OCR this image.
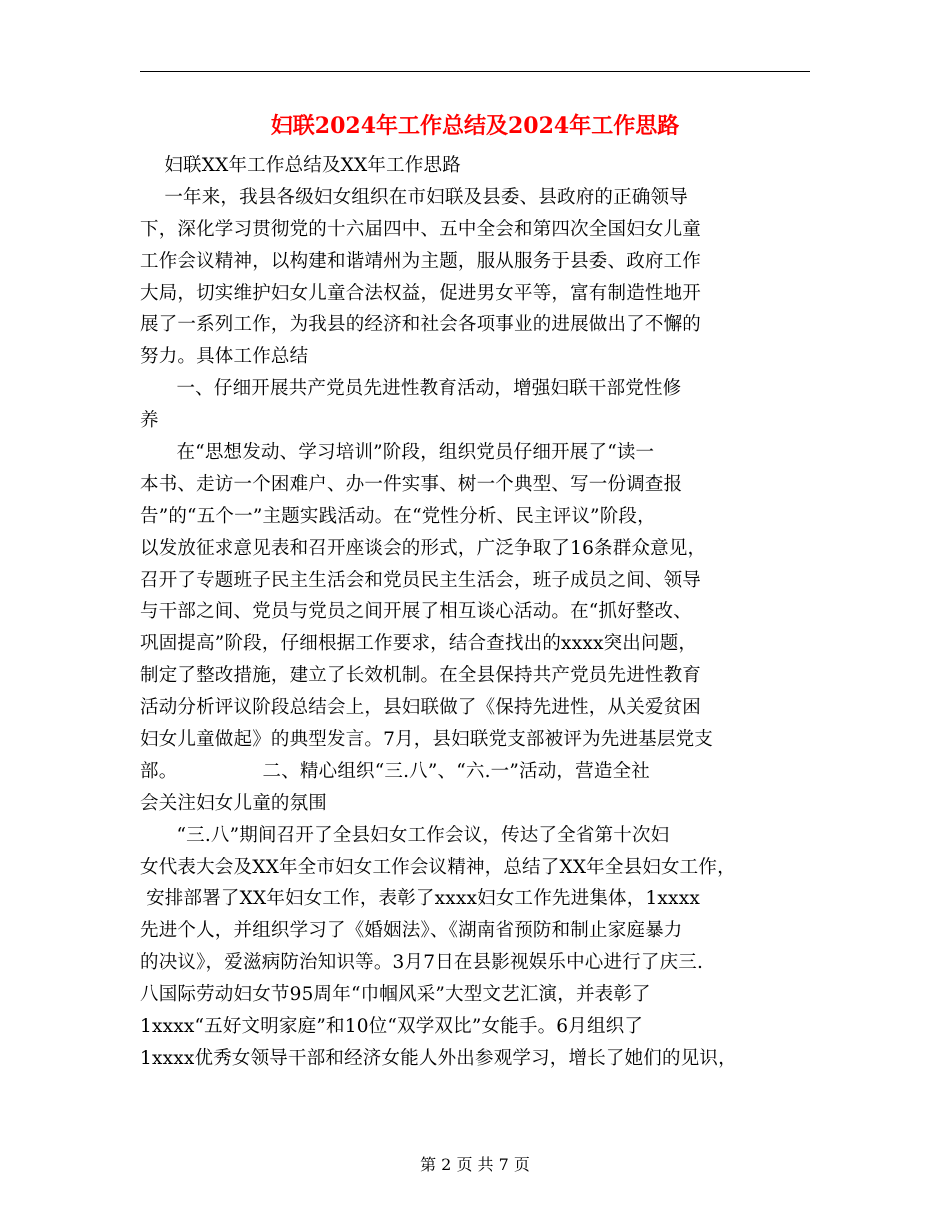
妇联2024年工作总结及2024年工作思路
妇联XX年工作总结及XX年工作思路
一年来，我县各级妇女组织在市妇联及县委、县政府的正确领导
下，深化学习贯彻党的十六届四中、五中全会和第四次全国妇女儿童
工作会议精神，以构建和谐靖州为主题，服从服务于县委、政府工作
大局，切实维护妇女儿童合法权益，促进男女平等，富有制造性地开
展了一系列工作，为我县的经济和社会各项事业的进展做出了不懈的
努力。具体工作总结
一、仔细开展共产党员先进性教育活动，增强妇联干部党性修
养
在“思想发动、学习培训”阶段，组织党员仔细开展了“读一
本书、走访一个困难户、办一件实事、树一个典型、写一份调查报
告”的“五个一”主题实践活动。在“党性分析、民主评议”阶段，
以发放征求意见表和召开座谈会的形式，广泛争取了16条群众意见，
召开了专题班子民主生活会和党员民主生活会，班子成员之间、领导
与干部之间、党员与党员之间开展了相互谈心活动。在“抓好整改、
巩固提高”阶段，仔细根据工作要求，结合查找出的xxxx突出问题，
制定了整改措施，建立了长效机制。在全县保持共产党员先进性教育
活动分析评议阶段总结会上，县妇联做了《保持先进性，从关爱贫困
妇女儿童做起》的典型发言。7月，县妇联党支部被评为先进基层党支
部。              二、精心组织“三.八”、“六.一”活动，营造全社
会关注妇女儿童的氛围
“三.八”期间召开了全县妇女工作会议，传达了全省第十次妇
女代表大会及XX年全市妇女工作会议精神，总结了XX年全县妇女工作，
安排部署了XX年妇女工作，表彰了xxxx妇女工作先进集体，1xxxx
先进个人，并组织学习了《婚姻法》、《湖南省预防和制止家庭暴力
的决议》，爱滋病防治知识等。3月7日在县影视娱乐中心进行了庆三.
八国际劳动妇女节95周年“巾帼风采”大型文艺汇演，并表彰了
1xxxx“五好文明家庭”和10位“双学双比”女能手。6月组织了
1xxxx优秀女领导干部和经济女能人外出参观学习，增长了她们的见识，
第 2 页 共 7 页
